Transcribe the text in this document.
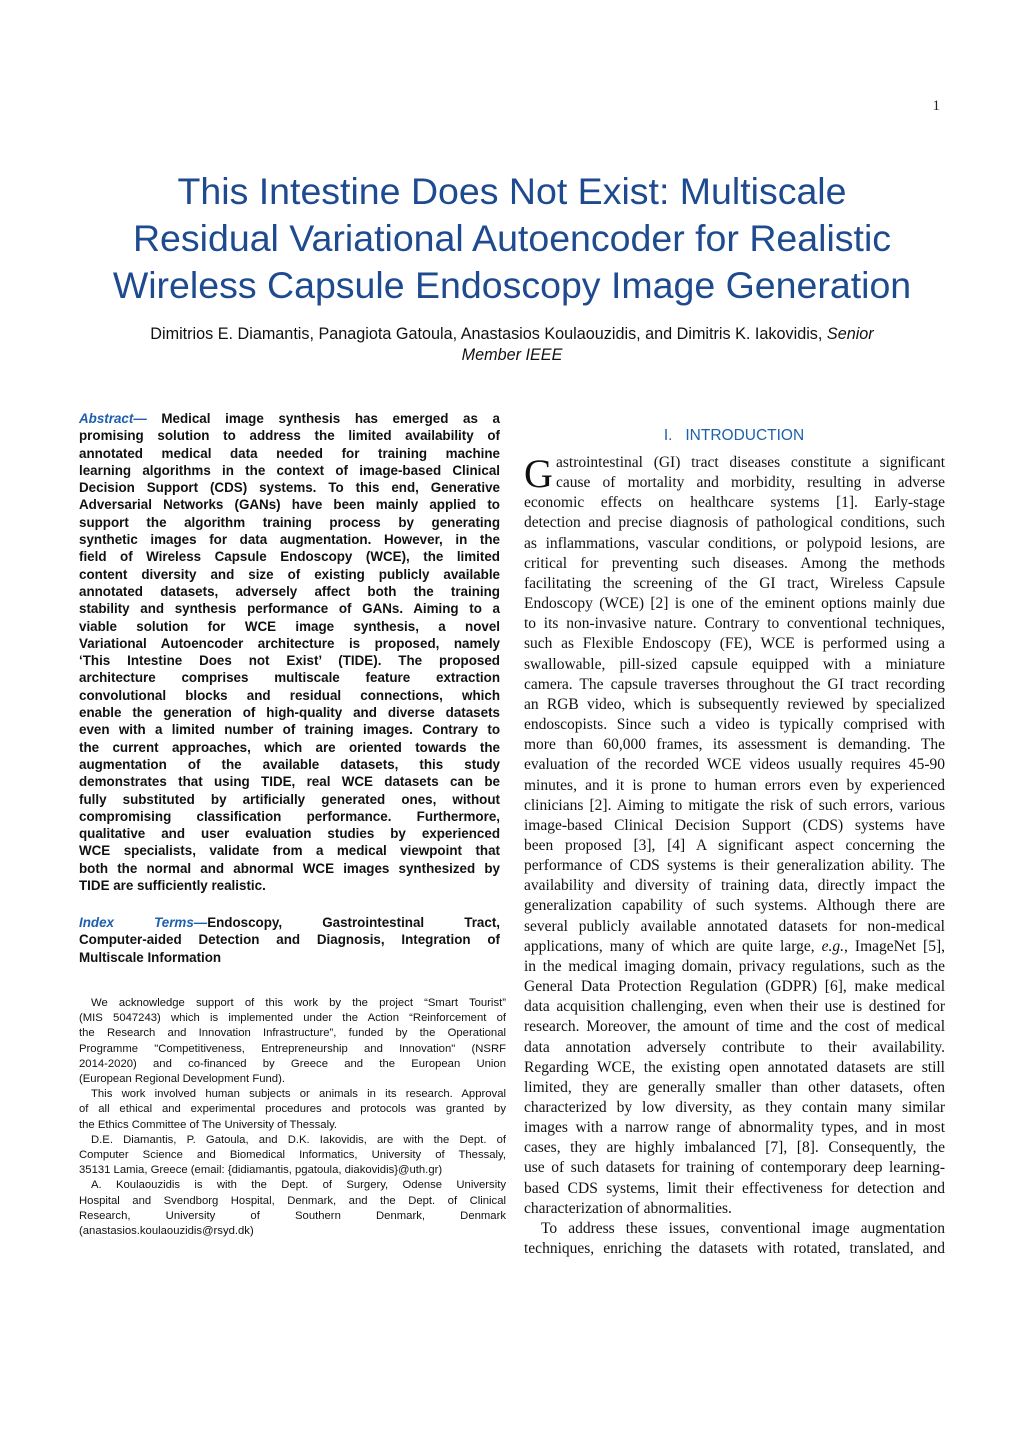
1
This Intestine Does Not Exist: Multiscale
Residual Variational Autoencoder for Realistic
Wireless Capsule Endoscopy Image Generation
Dimitrios E. Diamantis, Panagiota Gatoula, Anastasios Koulaouzidis, and Dimitris K. Iakovidis, Senior
Member IEEE
Abstract— Medical image synthesis has emerged as a
promising solution to address the limited availability of
annotated medical data needed for training machine
learning algorithms in the context of image-based Clinical
Decision Support (CDS) systems. To this end, Generative
Adversarial Networks (GANs) have been mainly applied to
support the algorithm training process by generating
synthetic images for data augmentation. However, in the
field of Wireless Capsule Endoscopy (WCE), the limited
content diversity and size of existing publicly available
annotated datasets, adversely affect both the training
stability and synthesis performance of GANs. Aiming to a
viable solution for WCE image synthesis, a novel
Variational Autoencoder architecture is proposed, namely
‘This Intestine Does not Exist’ (TIDE). The proposed
architecture comprises multiscale feature extraction
convolutional blocks and residual connections, which
enable the generation of high-quality and diverse datasets
even with a limited number of training images. Contrary to
the current approaches, which are oriented towards the
augmentation of the available datasets, this study
demonstrates that using TIDE, real WCE datasets can be
fully substituted by artificially generated ones, without
compromising classification performance. Furthermore,
qualitative and user evaluation studies by experienced
WCE specialists, validate from a medical viewpoint that
both the normal and abnormal WCE images synthesized by
TIDE are sufficiently realistic.
Index Terms—Endoscopy, Gastrointestinal Tract,
Computer-aided Detection and Diagnosis, Integration of
Multiscale Information
We acknowledge support of this work by the project “Smart Tourist”
(MIS 5047243) which is implemented under the Action “Reinforcement of
the Research and Innovation Infrastructure”, funded by the Operational
Programme "Competitiveness, Entrepreneurship and Innovation" (NSRF
2014-2020) and co-financed by Greece and the European Union
(European Regional Development Fund).
This work involved human subjects or animals in its research. Approval
of all ethical and experimental procedures and protocols was granted by
the Ethics Committee of The University of Thessaly.
D.E. Diamantis, P. Gatoula, and D.K. Iakovidis, are with the Dept. of
Computer Science and Biomedical Informatics, University of Thessaly,
35131 Lamia, Greece (email: {didiamantis, pgatoula, diakovidis}@uth.gr)
A. Koulaouzidis is with the Dept. of Surgery, Odense University
Hospital and Svendborg Hospital, Denmark, and the Dept. of Clinical
Research, University of Southern Denmark,	Denmark
(anastasios.koulaouzidis@rsyd.dk)
I.   INTRODUCTION
G astrointestinal (GI) tract diseases constitute a significant
cause of mortality and morbidity, resulting in adverse
economic effects on healthcare systems [1]. Early-stage
detection and precise diagnosis of pathological conditions, such
as inflammations, vascular conditions, or polypoid lesions, are
critical for preventing such diseases. Among the methods
facilitating the screening of the GI tract, Wireless Capsule
Endoscopy (WCE) [2] is one of the eminent options mainly due
to its non-invasive nature. Contrary to conventional techniques,
such as Flexible Endoscopy (FE), WCE is performed using a
swallowable, pill-sized capsule equipped with a miniature
camera. The capsule traverses throughout the GI tract recording
an RGB video, which is subsequently reviewed by specialized
endoscopists. Since such a video is typically comprised with
more than 60,000 frames, its assessment is demanding. The
evaluation of the recorded WCE videos usually requires 45-90
minutes, and it is prone to human errors even by experienced
clinicians [2]. Aiming to mitigate the risk of such errors, various
image-based Clinical Decision Support (CDS) systems have
been proposed [3], [4] A significant aspect concerning the
performance of CDS systems is their generalization ability. The
availability and diversity of training data, directly impact the
generalization capability of such systems. Although there are
several publicly available annotated datasets for non-medical
applications, many of which are quite large, e.g., ImageNet [5],
in the medical imaging domain, privacy regulations, such as the
General Data Protection Regulation (GDPR) [6], make medical
data acquisition challenging, even when their use is destined for
research. Moreover, the amount of time and the cost of medical
data annotation adversely contribute to their availability.
Regarding WCE, the existing open annotated datasets are still
limited, they are generally smaller than other datasets, often
characterized by low diversity, as they contain many similar
images with a narrow range of abnormality types, and in most
cases, they are highly imbalanced [7], [8]. Consequently, the
use of such datasets for training of contemporary deep learning-
based CDS systems, limit their effectiveness for detection and
characterization of abnormalities.
To address these issues, conventional image augmentation
techniques, enriching the datasets with rotated, translated, and
